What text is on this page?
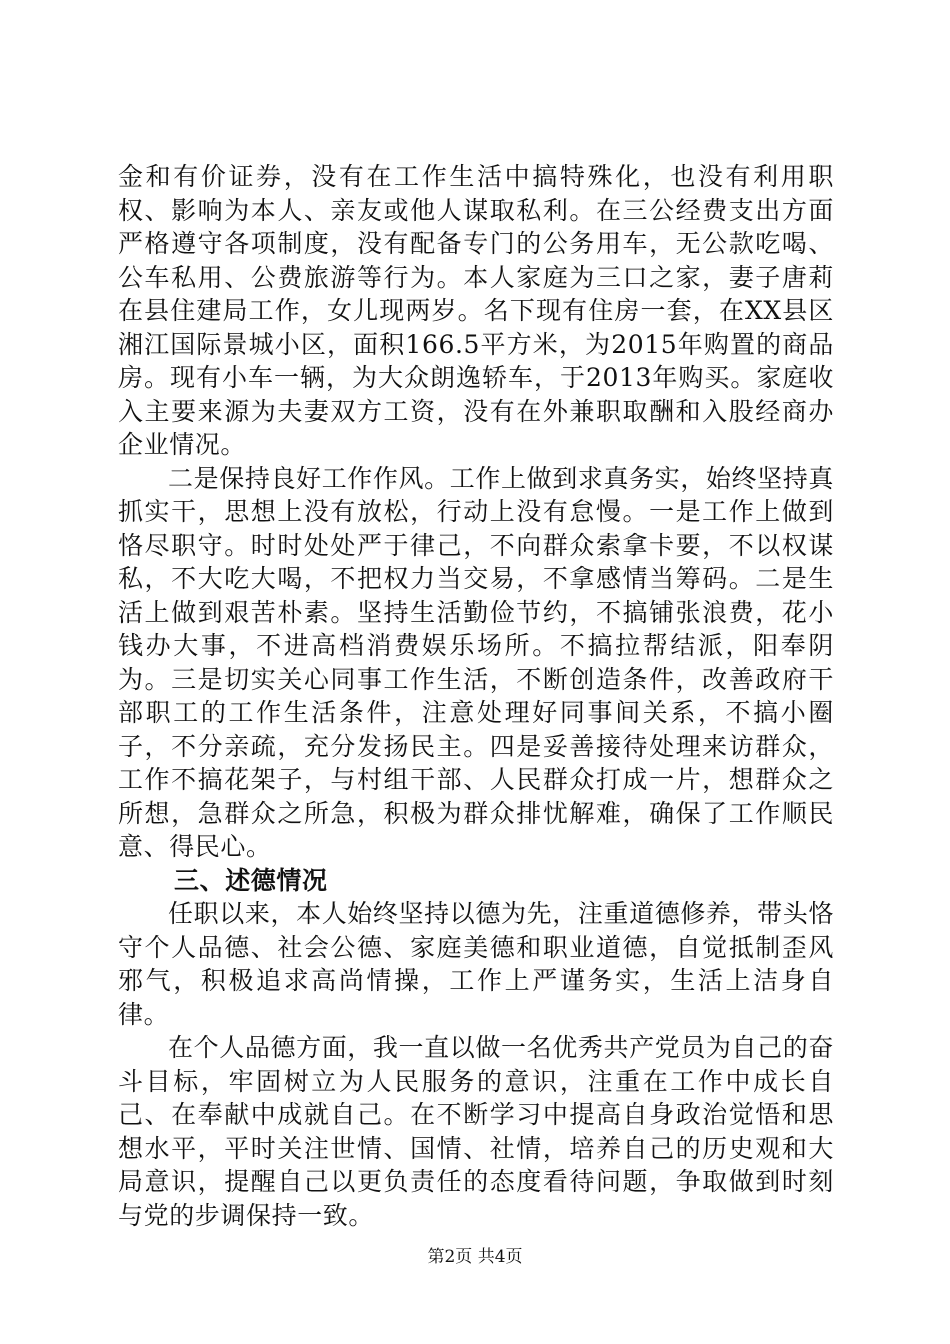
金和有价证券，没有在工作生活中搞特殊化，也没有利用职权、影响为本人、亲友或他人谋取私利。在三公经费支出方面严格遵守各项制度，没有配备专门的公务用车，无公款吃喝、公车私用、公费旅游等行为。本人家庭为三口之家，妻子唐莉在县住建局工作，女儿现两岁。名下现有住房一套，在XX县区湘江国际景城小区，面积166.5平方米，为2015年购置的商品房。现有小车一辆，为大众朗逸轿车，于2013年购买。家庭收入主要来源为夫妻双方工资，没有在外兼职取酬和入股经商办企业情况。

二是保持良好工作作风。工作上做到求真务实，始终坚持真抓实干，思想上没有放松，行动上没有怠慢。一是工作上做到恪尽职守。时时处处严于律己，不向群众索拿卡要，不以权谋私，不大吃大喝，不把权力当交易，不拿感情当筹码。二是生活上做到艰苦朴素。坚持生活勤俭节约，不搞铺张浪费，花小钱办大事，不进高档消费娱乐场所。不搞拉帮结派，阳奉阴为。三是切实关心同事工作生活，不断创造条件，改善政府干部职工的工作生活条件，注意处理好同事间关系，不搞小圈子，不分亲疏，充分发扬民主。四是妥善接待处理来访群众，工作不搞花架子，与村组干部、人民群众打成一片，想群众之所想，急群众之所急，积极为群众排忧解难，确保了工作顺民意、得民心。

三、述德情况

任职以来，本人始终坚持以德为先，注重道德修养，带头恪守个人品德、社会公德、家庭美德和职业道德，自觉抵制歪风邪气，积极追求高尚情操，工作上严谨务实，生活上洁身自律。

在个人品德方面，我一直以做一名优秀共产党员为自己的奋斗目标，牢固树立为人民服务的意识，注重在工作中成长自己、在奉献中成就自己。在不断学习中提高自身政治觉悟和思想水平，平时关注世情、国情、社情，培养自己的历史观和大局意识，提醒自己以更负责任的态度看待问题，争取做到时刻与党的步调保持一致。

第2页 共4页
